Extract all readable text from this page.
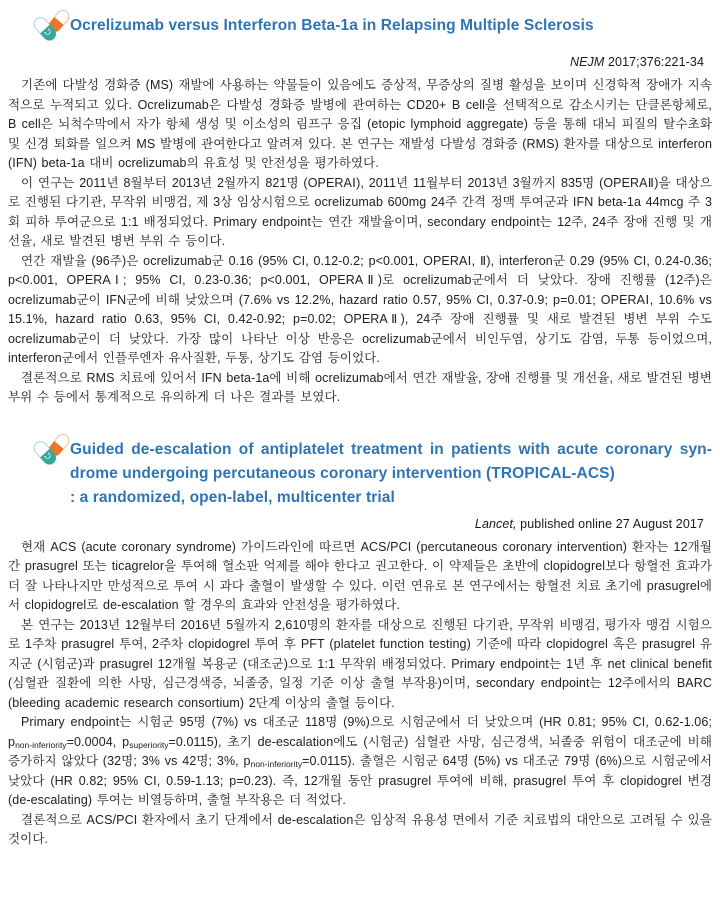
Ocrelizumab versus Interferon Beta-1a in Relapsing Multiple Sclerosis
NEJM 2017;376:221-34

기존에 다발성 경화증 (MS) 재발에 사용하는 약물들이 있음에도 증상적, 무증상의 질병 활성을 보이며 신경학적 장애가 지속적으로 누적되고 있다. Ocrelizumab은 다발성 경화증 발병에 관여하는 CD20+ B cell을 선택적으로 감소시키는 단클론항체로, B cell은 뇌척수막에서 자가 항체 생성 및 이소성의 림프구 응집 (etopic lymphoid aggregate) 등을 통해 대뇌 피질의 탈수초화 및 신경 퇴화를 일으켜 MS 발병에 관여한다고 알려져 있다. 본 연구는 재발성 다발성 경화증 (RMS) 환자를 대상으로 interferon (IFN) beta-1a 대비 ocrelizumab의 유효성 및 안전성을 평가하였다.

이 연구는 2011년 8월부터 2013년 2월까지 821명 (OPERAⅠ), 2011년 11월부터 2013년 3월까지 835명 (OPERAⅡ)을 대상으로 진행된 다기관, 무작위 비맹검, 제 3상 임상시험으로 ocrelizumab 600mg 24주 간격 정맥 투여군과 IFN beta-1a 44mcg 주 3회 피하 투여군으로 1:1 배정되었다. Primary endpoint는 연간 재발율이며, secondary endpoint는 12주, 24주 장애 진행 및 개선율, 새로 발견된 병변 부위 수 등이다.

연간 재발율 (96주)은 ocrelizumab군 0.16 (95% CI, 0.12-0.2; p<0.001, OPERAⅠ, Ⅱ), interferon군 0.29 (95% CI, 0.24-0.36; p<0.001, OPERAⅠ; 95% CI, 0.23-0.36; p<0.001, OPERAⅡ)로 ocrelizumab군에서 더 낮았다. 장애 진행률 (12주)은 ocrelizumab군이 IFN군에 비해 낮았으며 (7.6% vs 12.2%, hazard ratio 0.57, 95% CI, 0.37-0.9; p=0.01; OPERAⅠ, 10.6% vs 15.1%, hazard ratio 0.63, 95% CI, 0.42-0.92; p=0.02; OPERAⅡ), 24주 장애 진행률 및 새로 발견된 병변 부위 수도 ocrelizumab군이 더 낮았다. 가장 많이 나타난 이상 반응은 ocrelizumab군에서 비인두염, 상기도 감염, 두통 등이었으며, interferon군에서 인플루엔자 유사질환, 두통, 상기도 감염 등이었다.

결론적으로 RMS 치료에 있어서 IFN beta-1a에 비해 ocrelizumab에서 연간 재발율, 장애 진행률 및 개선율, 새로 발견된 병변 부위 수 등에서 통계적으로 유의하게 더 나은 결과를 보였다.

Guided de-escalation of antiplatelet treatment in patients with acute coronary syn-
drome undergoing percutaneous coronary intervention (TROPICAL-ACS)
: a randomized, open-label, multicenter trial
Lancet, published online 27 August 2017

현재 ACS (acute coronary syndrome) 가이드라인에 따르면 ACS/PCI (percutaneous coronary intervention) 환자는 12개월간 prasugrel 또는 ticagrelor을 투여해 혈소판 억제를 해야 한다고 권고한다. 이 약제들은 초반에 clopidogrel보다 항혈전 효과가 더 잘 나타나지만 만성적으로 투여 시 과다 출혈이 발생할 수 있다. 이런 연유로 본 연구에서는 항혈전 치료 초기에 prasugrel에서 clopidogrel로 de-escalation 할 경우의 효과와 안전성을 평가하였다.

본 연구는 2013년 12월부터 2016년 5월까지 2,610명의 환자를 대상으로 진행된 다기관, 무작위 비맹검, 평가자 맹검 시험으로 1주차 prasugrel 투여, 2주차 clopidogrel 투여 후 PFT (platelet function testing) 기준에 따라 clopidogrel 혹은 prasugrel 유지군 (시험군)과 prasugrel 12개월 복용군 (대조군)으로 1:1 무작위 배정되었다. Primary endpoint는 1년 후 net clinical benefit (심혈관 질환에 의한 사망, 심근경색증, 뇌졸중, 일정 기준 이상 출혈 부작용)이며, secondary endpoint는 12주에서의 BARC (bleeding academic research consortium) 2단계 이상의 출혈 등이다.

Primary endpoint는 시험군 95명 (7%) vs 대조군 118명 (9%)으로 시험군에서 더 낮았으며 (HR 0.81; 95% CI, 0.62-1.06; $p_{non-inferiority}=0.0004$, $p_{superiority}=0.0115$), 초기 de-escalation에도 (시험군) 심혈관 사망, 심근경색, 뇌졸중 위험이 대조군에 비해 증가하지 않았다 (32명; 3% vs 42명; 3%, $p_{non-inferiority}=0.0115$). 출혈은 시험군 64명 (5%) vs 대조군 79명 (6%)으로 시험군에서 낮았다 (HR 0.82; 95% CI, 0.59-1.13; p=0.23). 즉, 12개월 동안 prasugrel 투여에 비해, prasugrel 투여 후 clopidogrel 변경 (de-escalating) 투여는 비열등하며, 출혈 부작용은 더 적었다.

결론적으로 ACS/PCI 환자에서 초기 단계에서 de-escalation은 임상적 유용성 면에서 기준 치료법의 대안으로 고려될 수 있을 것이다.
